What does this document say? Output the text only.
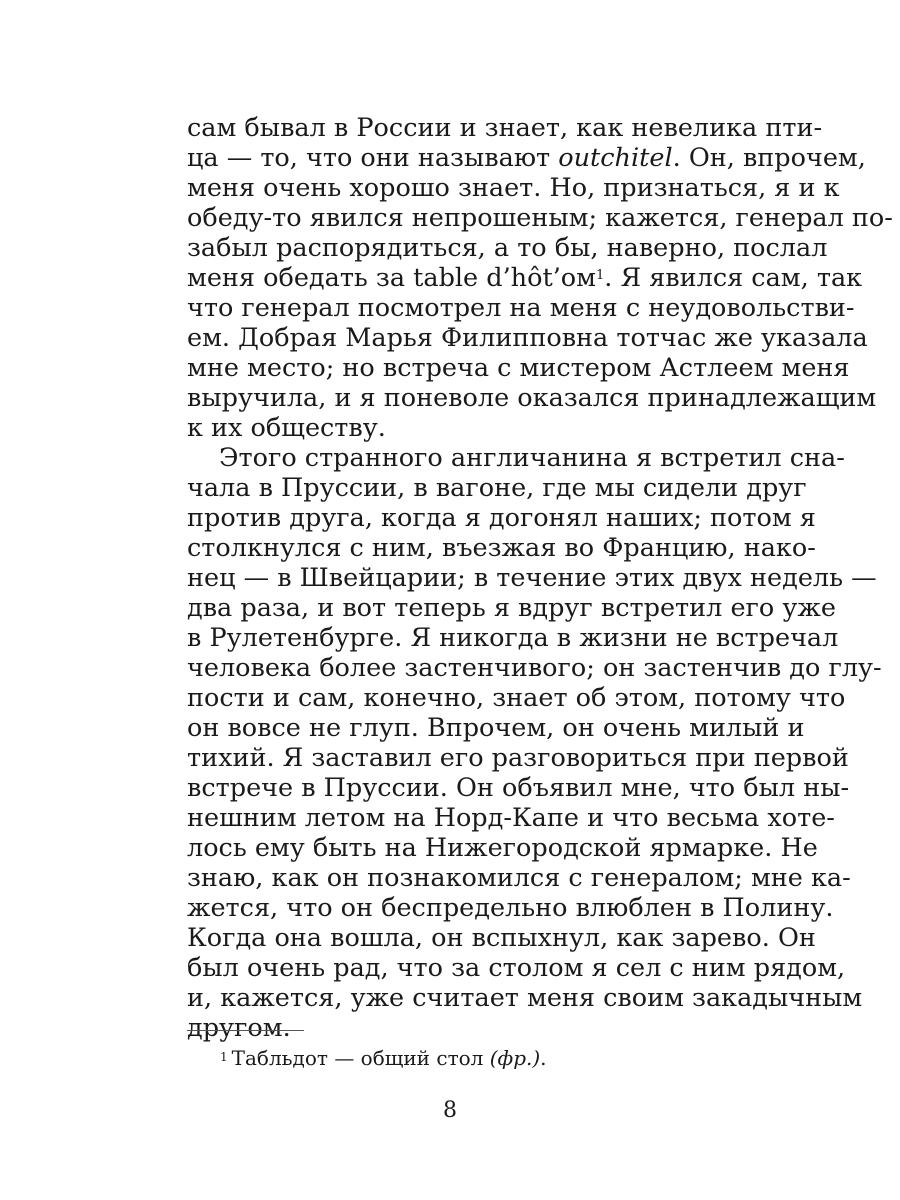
сам бывал в России и знает, как невелика пти-
ца — то, что они называют outchitel. Он, впрочем,
меня очень хорошо знает. Но, признаться, я и к
обеду-то явился непрошеным; кажется, генерал по-
забыл распорядиться, а то бы, наверно, послал
меня обедать за table $d’hôt’ом^1$. Я явился сам, так
что генерал посмотрел на меня с неудовольстви-
ем. Добрая Марья Филипповна тотчас же указала
мне место; но встреча с мистером Астлеем меня
выручила, и я поневоле оказался принадлежащим
к их обществу.
Этого странного англичанина я встретил сна-
чала в Пруссии, в вагоне, где мы сидели друг
против друга, когда я догонял наших; потом я
столкнулся с ним, въезжая во Францию, нако-
нец — в Швейцарии; в течение этих двух недель —
два раза, и вот теперь я вдруг встретил его уже
в Рулетенбурге. Я никогда в жизни не встречал
человека более застенчивого; он застенчив до глу-
пости и сам, конечно, знает об этом, потому что
он вовсе не глуп. Впрочем, он очень милый и
тихий. Я заставил его разговориться при первой
встрече в Пруссии. Он объявил мне, что был ны-
нешним летом на Норд-Капе и что весьма хоте-
лось ему быть на Нижегородской ярмарке. Не
знаю, как он познакомился с генералом; мне ка-
жется, что он беспредельно влюблен в Полину.
Когда она вошла, он вспыхнул, как зарево. Он
был очень рад, что за столом я сел с ним рядом,
и, кажется, уже считает меня своим закадычным
другом.
$^1$ Табльдот — общий стол (фр.).
8
